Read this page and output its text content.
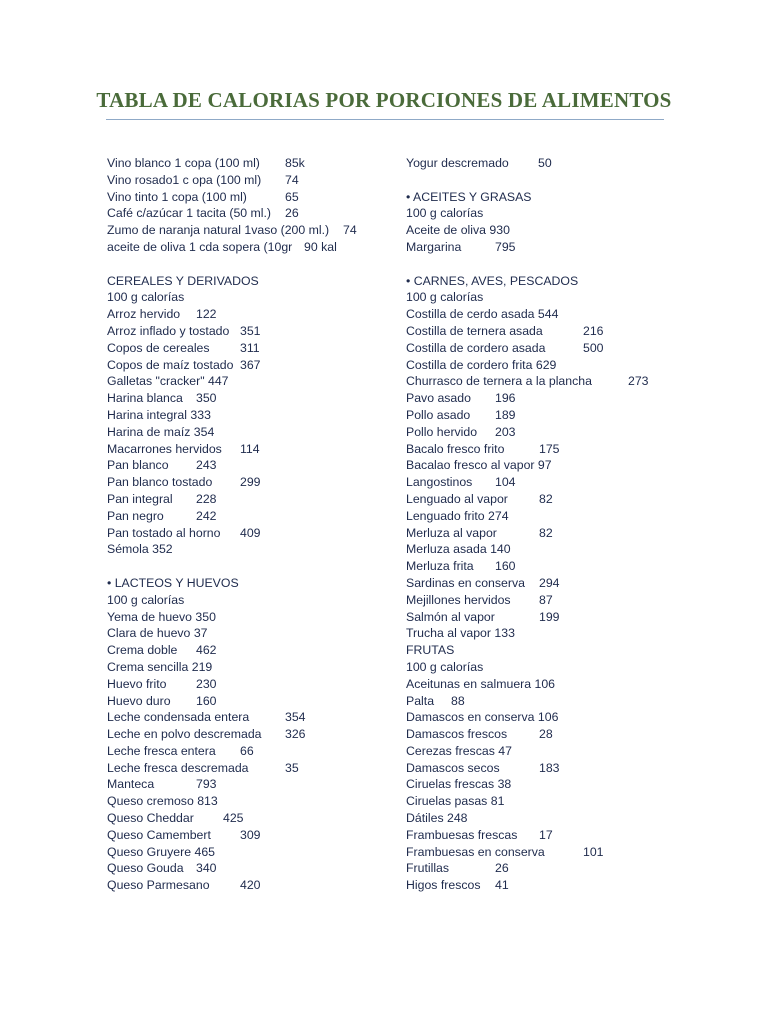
TABLA DE CALORIAS POR PORCIONES DE ALIMENTOS
Vino blanco 1 copa (100 ml) 85k
Vino rosado1 c opa (100 ml) 74
Vino tinto 1 copa (100 ml)	65
Café c/azúcar 1 tacita (50 ml.) 26
Zumo de naranja natural 1vaso (200 ml.) 74
aceite de oliva 1 cda sopera (10gr 90 kal
CEREALES Y DERIVADOS
100 g calorías
Arroz hervido 122
Arroz inflado y tostado 351
Copos de cereales 311
Copos de maíz tostado 367
Galletas "cracker" 447
Harina blanca 350
Harina integral 333
Harina de maíz 354
Macarrones hervidos 114
Pan blanco 243
Pan blanco tostado 299
Pan integral 228
Pan negro	242
Pan tostado al horno 409
Sémola 352
• LACTEOS Y HUEVOS
100 g calorías
Yema de huevo 350
Clara de huevo 37
Crema doble 462
Crema sencilla 219
Huevo frito 230
Huevo duro 160
Leche condensada entera	354
Leche en polvo descremada 326
Leche fresca entera 66
Leche fresca descremada	35
Manteca	793
Queso cremoso 813
Queso Cheddar 425
Queso Camembert 309
Queso Gruyere 465
Queso Gouda 340
Queso Parmesano 420
Yogur descremado 50
• ACEITES Y GRASAS
100 g calorías
Aceite de oliva 930
Margarina	795
• CARNES, AVES, PESCADOS
100 g calorías
Costilla de cerdo asada 544
Costilla de ternera asada	216
Costilla de cordero asada	500
Costilla de cordero frita 629
Churrasco de ternera a la plancha	273
Pavo asado 196
Pollo asado 189
Pollo hervido 203
Bacalo fresco frito	175
Bacalao fresco al vapor 97
Langostinos 104
Lenguado al vapor	82
Lenguado frito 274
Merluza al vapor	82
Merluza asada 140
Merluza frita 160
Sardinas en conserva 294
Mejillones hervidos 87
Salmón al vapor	199
Trucha al vapor 133
FRUTAS
100 g calorías
Aceitunas en salmuera 106
Palta 88
Damascos en conserva 106
Damascos frescos	28
Cerezas frescas 47
Damascos secos	183
Ciruelas frescas 38
Ciruelas pasas 81
Dátiles 248
Frambuesas frescas 17
Frambuesas en conserva	101
Frutillas	26
Higos frescos 41
